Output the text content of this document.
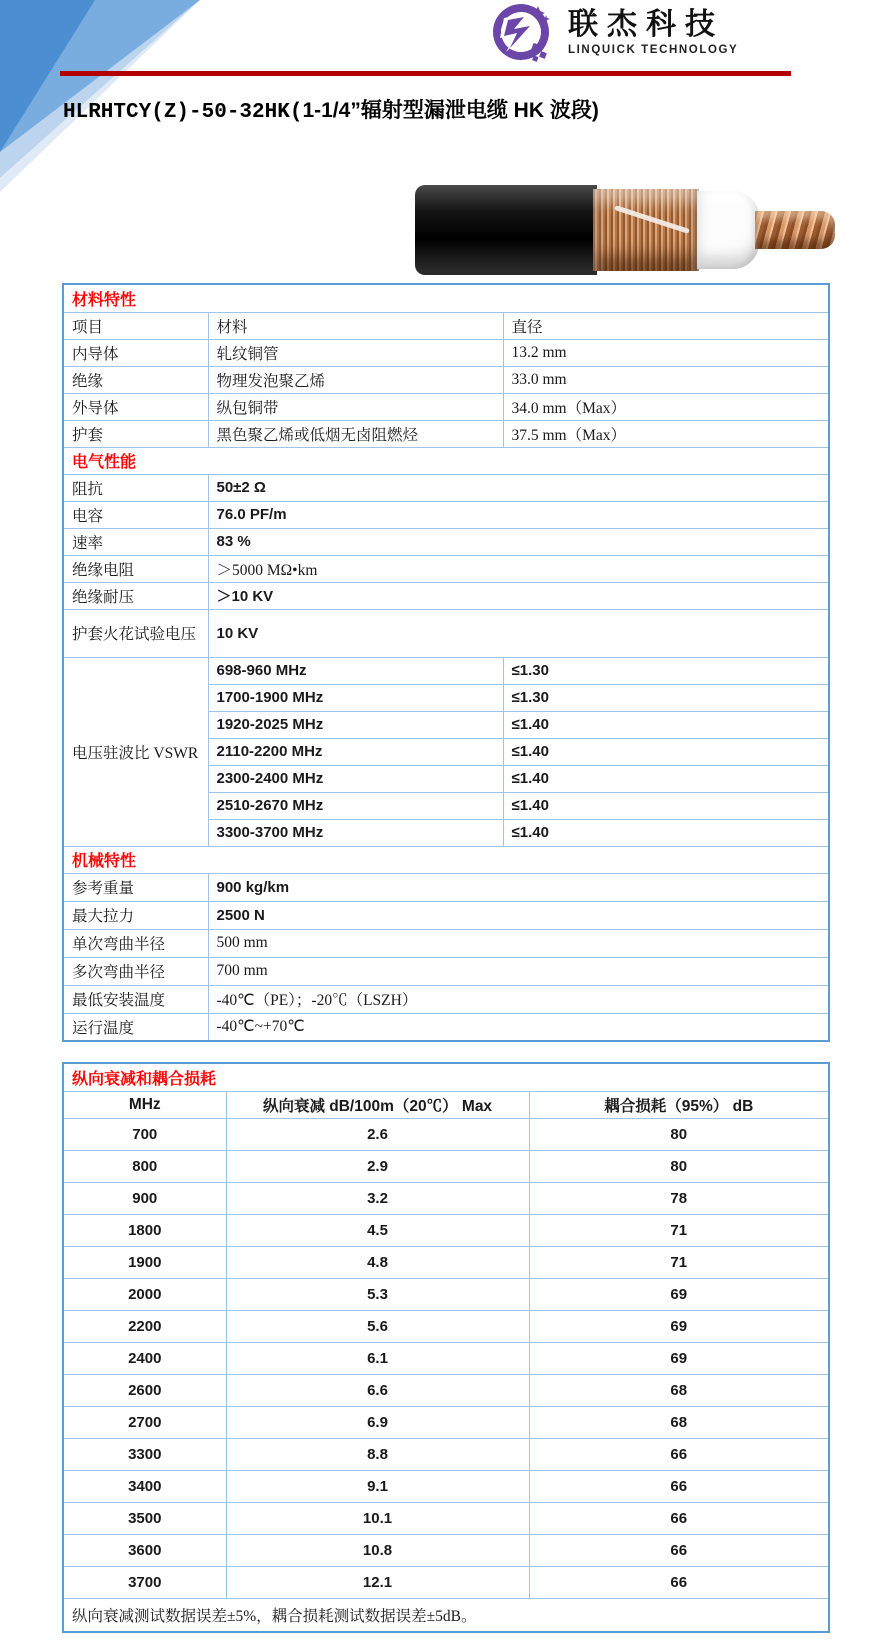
联杰科技
LINQUICK TECHNOLOGY
HLRHTCY(Z)-50-32HK(1-1/4”辐射型漏泄电缆 HK 波段)
材料特性		
项目	材料	直径
内导体	轧纹铜管	13.2 mm
绝缘	物理发泡聚乙烯	33.0 mm
外导体	纵包铜带	34.0 mm（Max）
护套	黑色聚乙烯或低烟无卤阻燃烃	37.5 mm（Max）
电气性能		
阻抗	50±2 Ω	
电容	76.0 PF/m	
速率	83 %	
绝缘电阻	＞5000 MΩ•km	
绝缘耐压	＞10 KV	
护套火花试验电压	10 KV	
电压驻波比 VSWR	698-960 MHz	≤1.30
	1700-1900 MHz	≤1.30
	1920-2025 MHz	≤1.40
	2110-2200 MHz	≤1.40
	2300-2400 MHz	≤1.40
	2510-2670 MHz	≤1.40
	3300-3700 MHz	≤1.40
机械特性		
参考重量	900 kg/km	
最大拉力	2500 N	
单次弯曲半径	500 mm	
多次弯曲半径	700 mm	
最低安装温度	-40℃（PE）；-20℃（LSZH）	
运行温度	-40℃~+70℃	
纵向衰减和耦合损耗		
MHz	纵向衰减 dB/100m（20℃） Max	耦合损耗（95%） dB
700	2.6	80
800	2.9	80
900	3.2	78
1800	4.5	71
1900	4.8	71
2000	5.3	69
2200	5.6	69
2400	6.1	69
2600	6.6	68
2700	6.9	68
3300	8.8	66
3400	9.1	66
3500	10.1	66
3600	10.8	66
3700	12.1	66
纵向衰减测试数据误差±5%，耦合损耗测试数据误差±5dB。		
